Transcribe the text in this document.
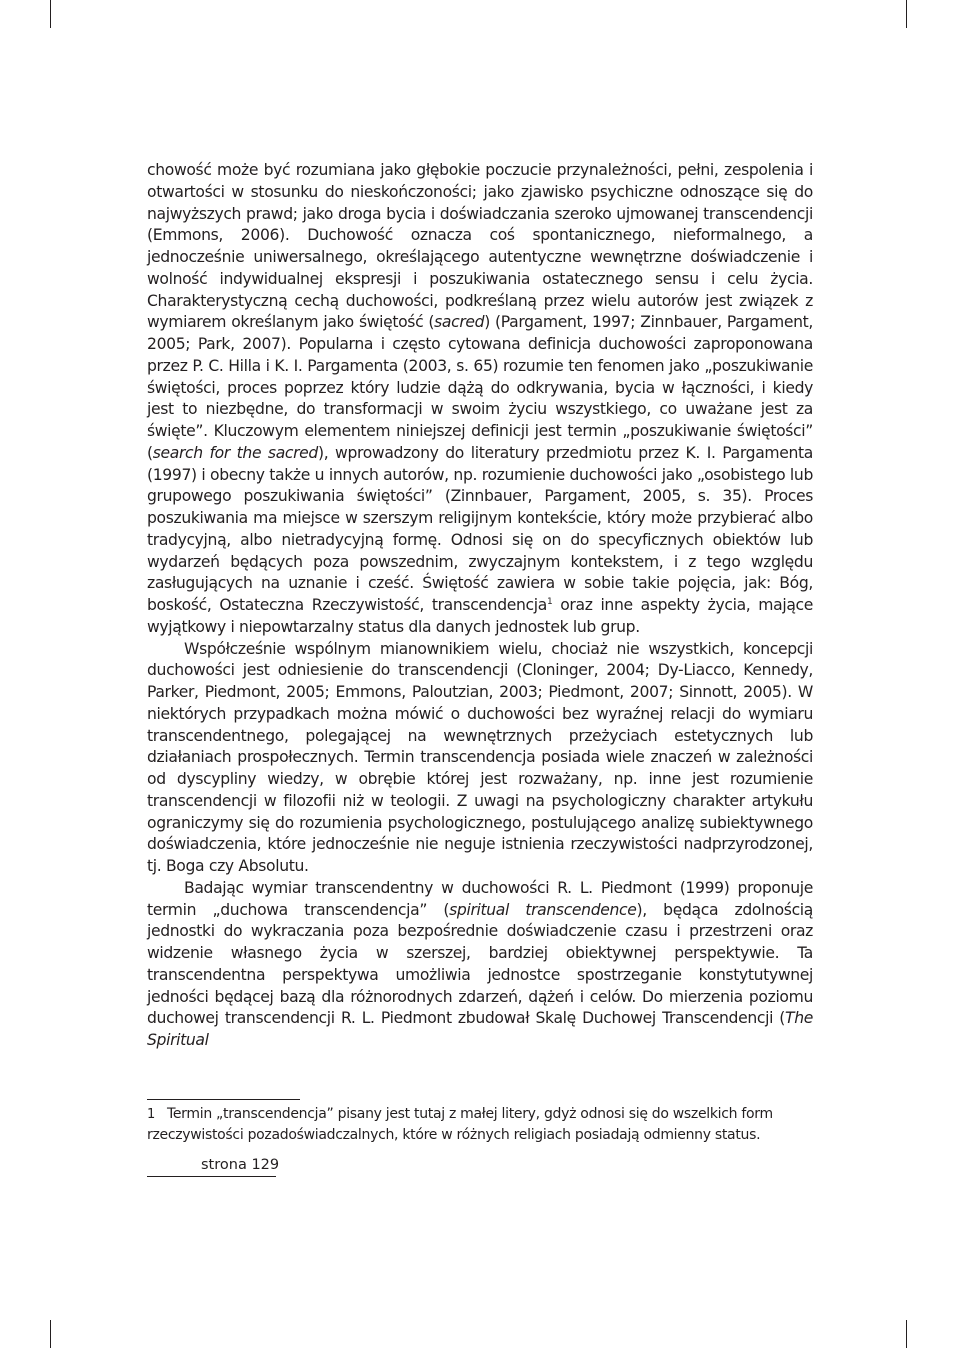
chowość może być rozumiana jako głębokie poczucie przynależności, pełni, zespolenia i otwartości w stosunku do nieskończoności; jako zjawisko psychiczne odnoszące się do najwyższych prawd; jako droga bycia i doświadczania szeroko ujmowanej transcendencji (Emmons, 2006). Duchowość oznacza coś spontanicznego, nieformalnego, a jednocześnie uniwersalnego, określającego autentyczne wewnętrzne doświadczenie i wolność indywidualnej ekspresji i poszukiwania ostatecznego sensu i celu życia. Charakterystyczną cechą duchowości, podkreślaną przez wielu autorów jest związek z wymiarem określanym jako świętość (sacred) (Pargament, 1997; Zinnbauer, Pargament, 2005; Park, 2007). Popularna i często cytowana definicja duchowości zaproponowana przez P. C. Hilla i K. I. Pargamenta (2003, s. 65) rozumie ten fenomen jako „poszukiwanie świętości, proces poprzez który ludzie dążą do odkrywania, bycia w łączności, i kiedy jest to niezbędne, do transformacji w swoim życiu wszystkiego, co uważane jest za święte”. Kluczowym elementem niniejszej definicji jest termin „poszukiwanie świętości” (search for the sacred), wprowadzony do literatury przedmiotu przez K. I. Pargamenta (1997) i obecny także u innych autorów, np. rozumienie duchowości jako „osobistego lub grupowego poszukiwania świętości” (Zinnbauer, Pargament, 2005, s. 35). Proces poszukiwania ma miejsce w szerszym religijnym kontekście, który może przybierać albo tradycyjną, albo nietradycyjną formę. Odnosi się on do specyficznych obiektów lub wydarzeń będących poza powszednim, zwyczajnym kontekstem, i z tego względu zasługujących na uznanie i cześć. Świętość zawiera w sobie takie pojęcia, jak: Bóg, boskość, Ostateczna Rzeczywistość, transcendencja$^1$ oraz inne aspekty życia, mające wyjątkowy i niepowtarzalny status dla danych jednostek lub grup.

Współcześnie wspólnym mianownikiem wielu, chociaż nie wszystkich, koncepcji duchowości jest odniesienie do transcendencji (Cloninger, 2004; Dy-Liacco, Kennedy, Parker, Piedmont, 2005; Emmons, Paloutzian, 2003; Piedmont, 2007; Sinnott, 2005). W niektórych przypadkach można mówić o duchowości bez wyraźnej relacji do wymiaru transcendentnego, polegającej na wewnętrznych przeżyciach estetycznych lub działaniach prospołecznych. Termin transcendencja posiada wiele znaczeń w zależności od dyscypliny wiedzy, w obrębie której jest rozważany, np. inne jest rozumienie transcendencji w filozofii niż w teologii. Z uwagi na psychologiczny charakter artykułu ograniczymy się do rozumienia psychologicznego, postulującego analizę subiektywnego doświadczenia, które jednocześnie nie neguje istnienia rzeczywistości nadprzyrodzonej, tj. Boga czy Absolutu.

Badając wymiar transcendentny w duchowości R. L. Piedmont (1999) proponuje termin „duchowa transcendencja” (spiritual transcendence), będąca zdolnością jednostki do wykraczania poza bezpośrednie doświadczenie czasu i przestrzeni oraz widzenie własnego życia w szerszej, bardziej obiektywnej perspektywie. Ta transcendentna perspektywa umożliwia jednostce spostrzeganie konstytutywnej jedności będącej bazą dla różnorodnych zdarzeń, dążeń i celów. Do mierzenia poziomu duchowej transcendencji R. L. Piedmont zbudował Skalę Duchowej Transcendencji (The Spiritual

1 Termin „transcendencja” pisany jest tutaj z małej litery, gdyż odnosi się do wszelkich form rzeczywistości pozadoświadczalnych, które w różnych religiach posiadają odmienny status.
strona 129
